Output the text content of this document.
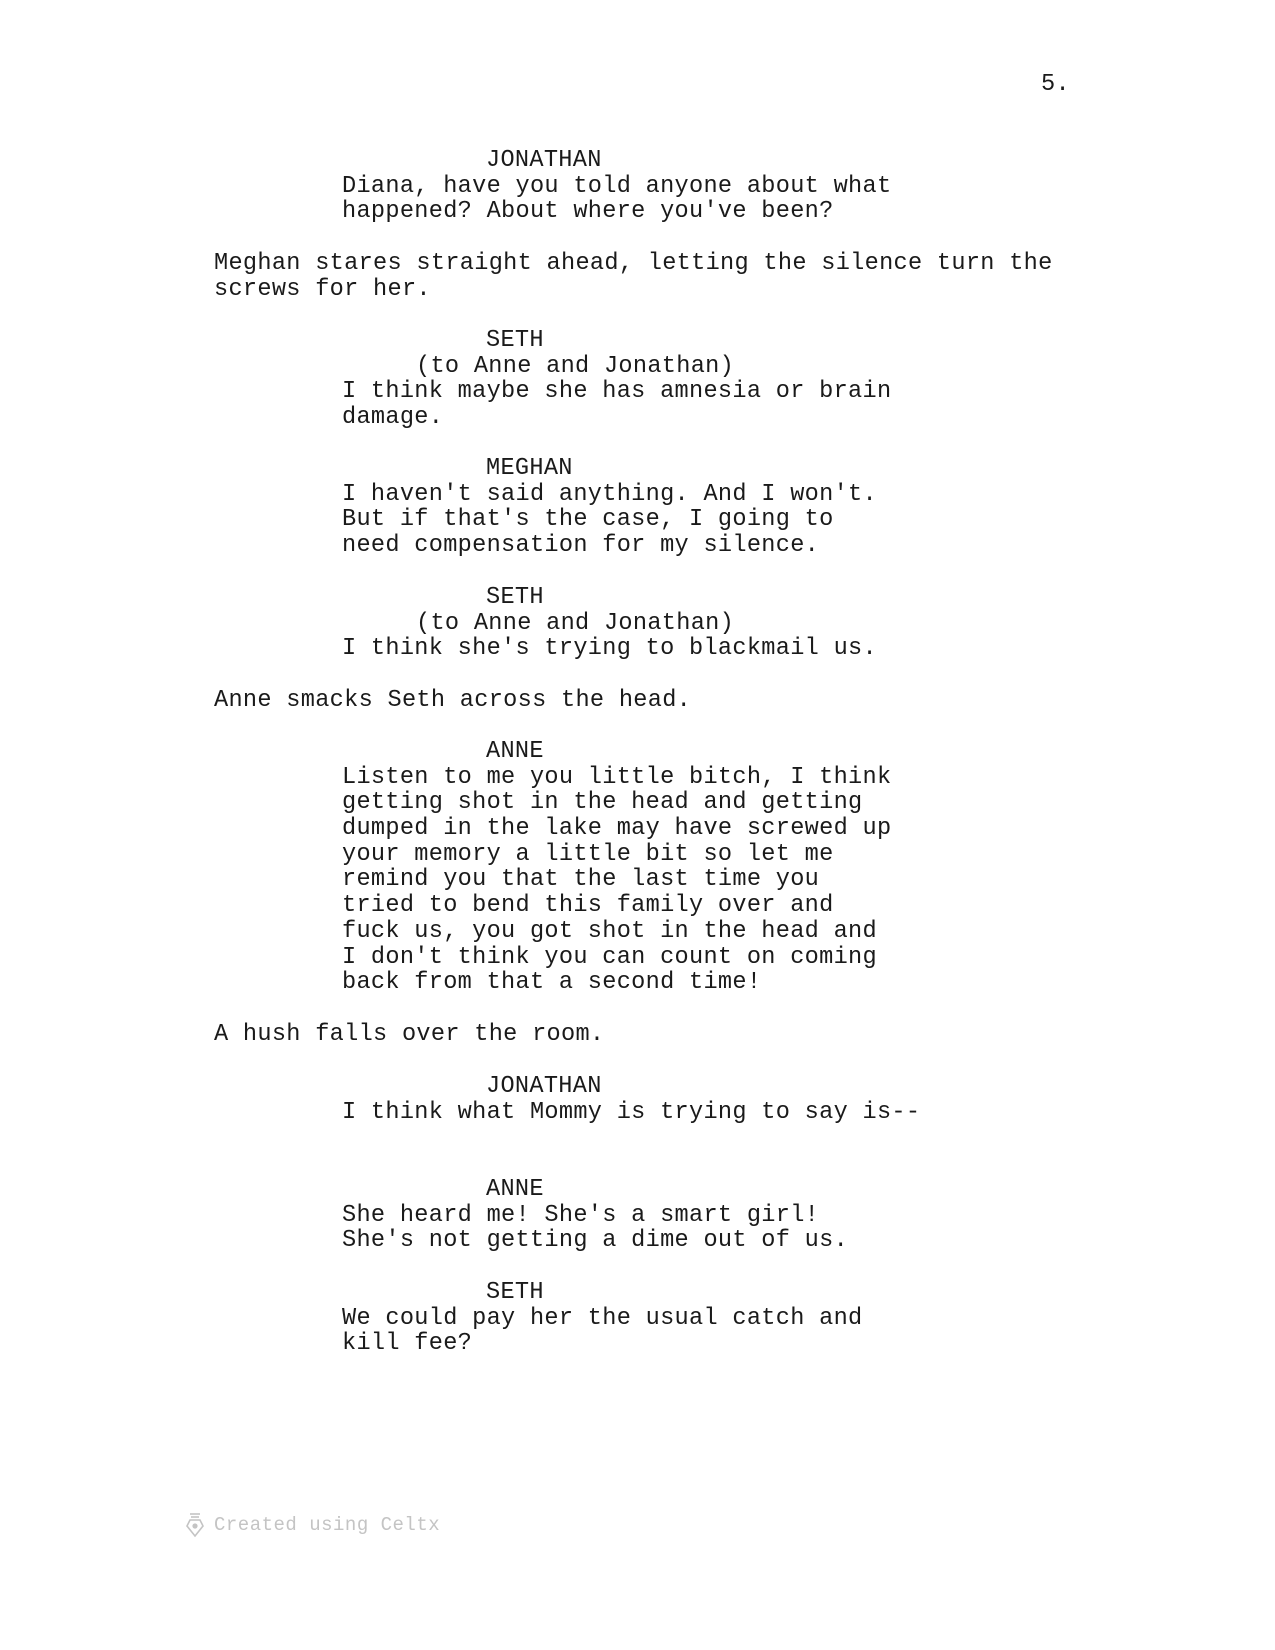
5.
JONATHAN
Diana, have you told anyone about what
happened? About where you've been?
Meghan stares straight ahead, letting the silence turn the
screws for her.
SETH
(to Anne and Jonathan)
I think maybe she has amnesia or brain
damage.
MEGHAN
I haven't said anything. And I won't.
But if that's the case, I going to
need compensation for my silence.
SETH
(to Anne and Jonathan)
I think she's trying to blackmail us.
Anne smacks Seth across the head.
ANNE
Listen to me you little bitch, I think
getting shot in the head and getting
dumped in the lake may have screwed up
your memory a little bit so let me
remind you that the last time you
tried to bend this family over and
fuck us, you got shot in the head and
I don't think you can count on coming
back from that a second time!
A hush falls over the room.
JONATHAN
I think what Mommy is trying to say is--
ANNE
She heard me! She's a smart girl!
She's not getting a dime out of us.
SETH
We could pay her the usual catch and
kill fee?
Created using Celtx
